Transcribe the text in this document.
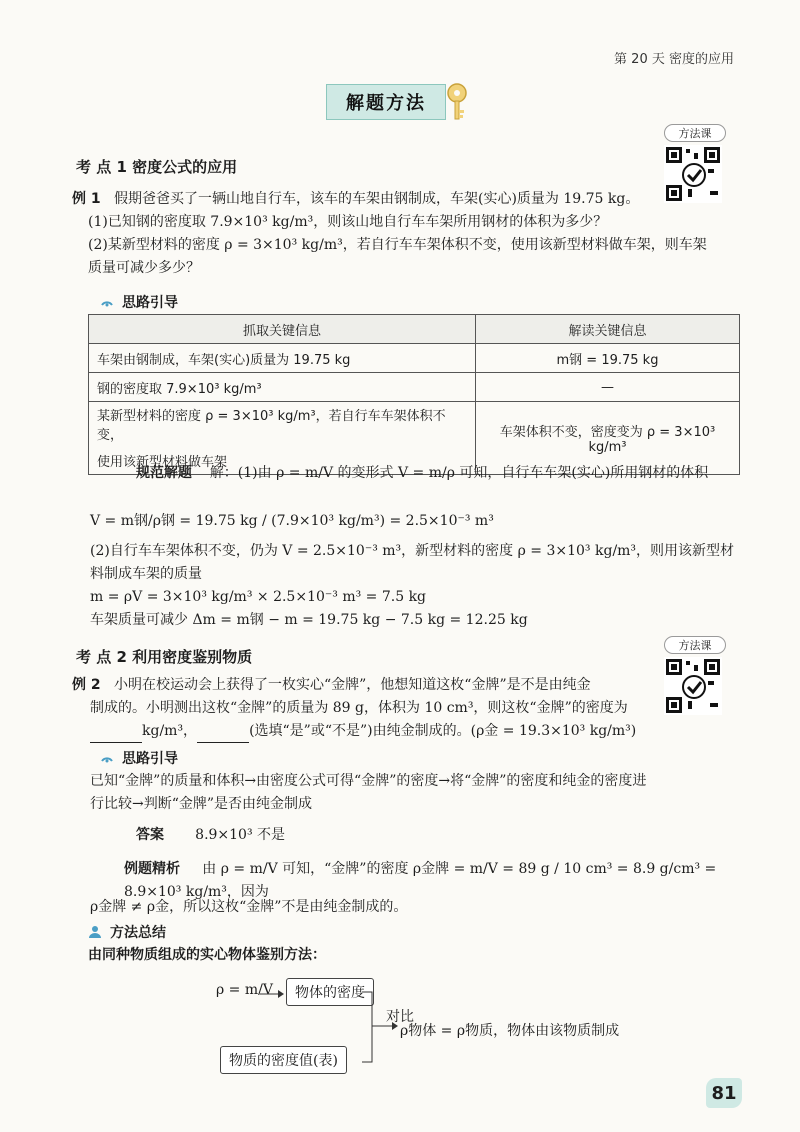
第 20 天 密度的应用
解题方法
方法课
考 点 1 密度公式的应用
例 1 假期爸爸买了一辆山地自行车，该车的车架由钢制成，车架(实心)质量为 19.75 kg。
(1)已知钢的密度取 7.9×10³ kg/m³，则该山地自行车车架所用钢材的体积为多少？
(2)某新型材料的密度 ρ = 3×10³ kg/m³，若自行车车架体积不变，使用该新型材料做车架，则车架
质量可减少多少？
思路引导
抓取关键信息	解读关键信息
车架由钢制成，车架(实心)质量为 19.75 kg	m钢 = 19.75 kg
钢的密度取 7.9×10³ kg/m³	—
某新型材料的密度 ρ = 3×10³ kg/m³，若自行车车架体积不变，	车架体积不变，密度变为 ρ = 3×10³ kg/m³
使用该新型材料做车架	
规范解题 解：(1)由 ρ = m/V 的变形式 V = m/ρ 可知，自行车车架(实心)所用钢材的体积
V = m钢/ρ钢 = 19.75 kg / (7.9×10³ kg/m³) = 2.5×10⁻³ m³
(2)自行车车架体积不变，仍为 V = 2.5×10⁻³ m³，新型材料的密度 ρ = 3×10³ kg/m³，则用该新型材
料制成车架的质量
m = ρV = 3×10³ kg/m³ × 2.5×10⁻³ m³ = 7.5 kg
车架质量可减少 Δm = m钢 − m = 19.75 kg − 7.5 kg = 12.25 kg
方法课
考 点 2 利用密度鉴别物质
例 2 小明在校运动会上获得了一枚实心“金牌”，他想知道这枚“金牌”是不是由纯金
制成的。小明测出这枚“金牌”的质量为 89 g，体积为 10 cm³，则这枚“金牌”的密度为
kg/m³，	(选填“是”或“不是”)由纯金制成的。(ρ金 = 19.3×10³ kg/m³)
思路引导
已知“金牌”的质量和体积→由密度公式可得“金牌”的密度→将“金牌”的密度和纯金的密度进
行比较→判断“金牌”是否由纯金制成
答案 8.9×10³ 不是
例题精析 由 ρ = m/V 可知，“金牌”的密度 ρ金牌 = m/V = 89 g / 10 cm³ = 8.9 g/cm³ = 8.9×10³ kg/m³，因为
ρ金牌 ≠ ρ金，所以这枚“金牌”不是由纯金制成的。
方法总结
由同种物质组成的实心物体鉴别方法：
ρ = m/V	物体的密度
物质的密度值(表)
对比
ρ物体 = ρ物质，物体由该物质制成
81
